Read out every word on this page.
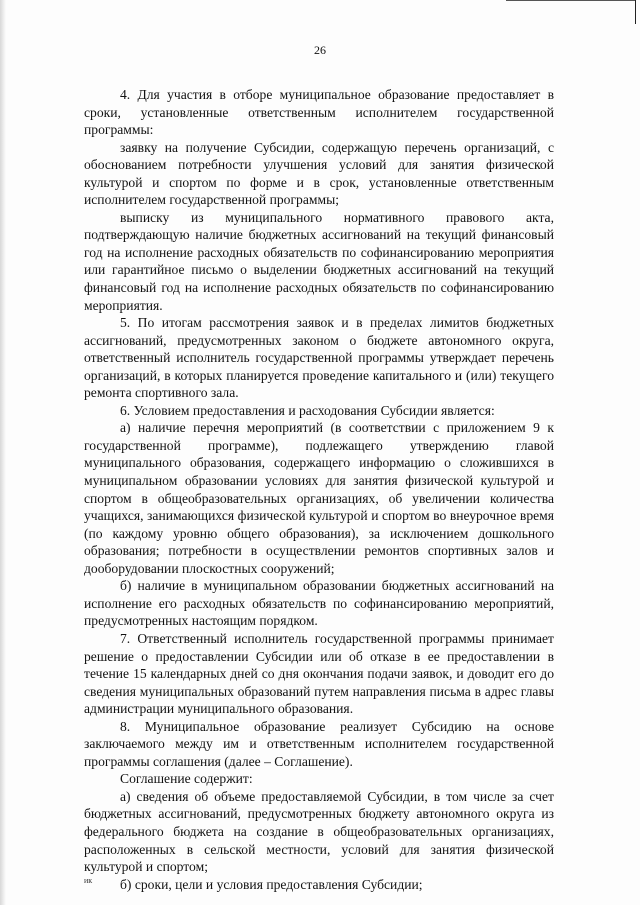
26

4. Для участия в отборе муниципальное образование предоставляет в сроки, установленные ответственным исполнителем государственной программы:

заявку на получение Субсидии, содержащую перечень организаций, с обоснованием потребности улучшения условий для занятия физической культурой и спортом по форме и в срок, установленные ответственным исполнителем государственной программы;

выписку из муниципального нормативного правового акта, подтверждающую наличие бюджетных ассигнований на текущий финансовый год на исполнение расходных обязательств по софинансированию мероприятия или гарантийное письмо о выделении бюджетных ассигнований на текущий финансовый год на исполнение расходных обязательств по софинансированию мероприятия.

5. По итогам рассмотрения заявок и в пределах лимитов бюджетных ассигнований, предусмотренных законом о бюджете автономного округа, ответственный исполнитель государственной программы утверждает перечень организаций, в которых планируется проведение капитального и (или) текущего ремонта спортивного зала.

6. Условием предоставления и расходования Субсидии является:

а) наличие перечня мероприятий (в соответствии с приложением 9 к государственной программе), подлежащего утверждению главой муниципального образования, содержащего информацию о сложившихся в муниципальном образовании условиях для занятия физической культурой и спортом в общеобразовательных организациях, об увеличении количества учащихся, занимающихся физической культурой и спортом во внеурочное время (по каждому уровню общего образования), за исключением дошкольного образования; потребности в осуществлении ремонтов спортивных залов и дооборудовании плоскостных сооружений;

б) наличие в муниципальном образовании бюджетных ассигнований на исполнение его расходных обязательств по софинансированию мероприятий, предусмотренных настоящим порядком.

7. Ответственный исполнитель государственной программы принимает решение о предоставлении Субсидии или об отказе в ее предоставлении в течение 15 календарных дней со дня окончания подачи заявок, и доводит его до сведения муниципальных образований путем направления письма в адрес главы администрации муниципального образования.

8. Муниципальное образование реализует Субсидию на основе заключаемого между им и ответственным исполнителем государственной программы соглашения (далее – Соглашение).

Соглашение содержит:

а) сведения об объеме предоставляемой Субсидии, в том числе за счет бюджетных ассигнований, предусмотренных бюджету автономного округа из федерального бюджета на создание в общеобразовательных организациях, расположенных в сельской местности, условий для занятия физической культурой и спортом;

б) сроки, цели и условия предоставления Субсидии;

ик
